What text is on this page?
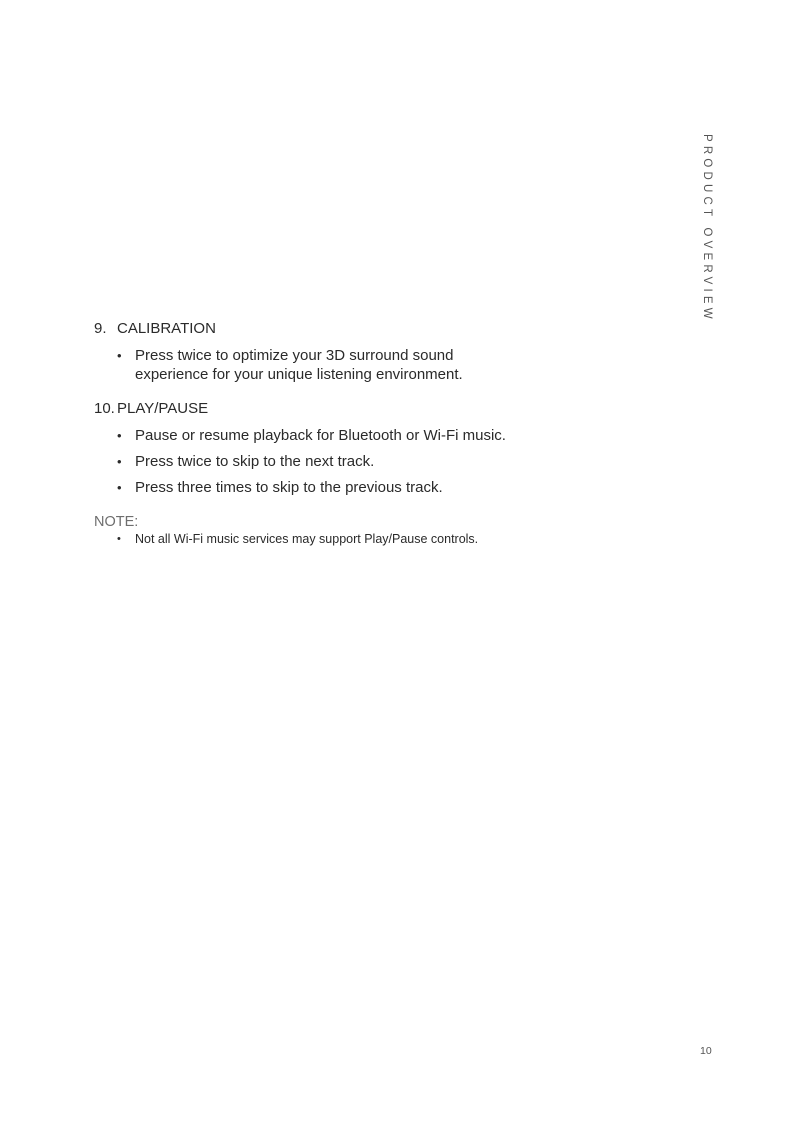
PRODUCT OVERVIEW

9. CALIBRATION

• Press twice to optimize your 3D surround sound
experience for your unique listening environment.

10. PLAY/PAUSE

• Pause or resume playback for Bluetooth or Wi-Fi music.
• Press twice to skip to the next track.
• Press three times to skip to the previous track.

NOTE:

• Not all Wi-Fi music services may support Play/Pause controls.
10
